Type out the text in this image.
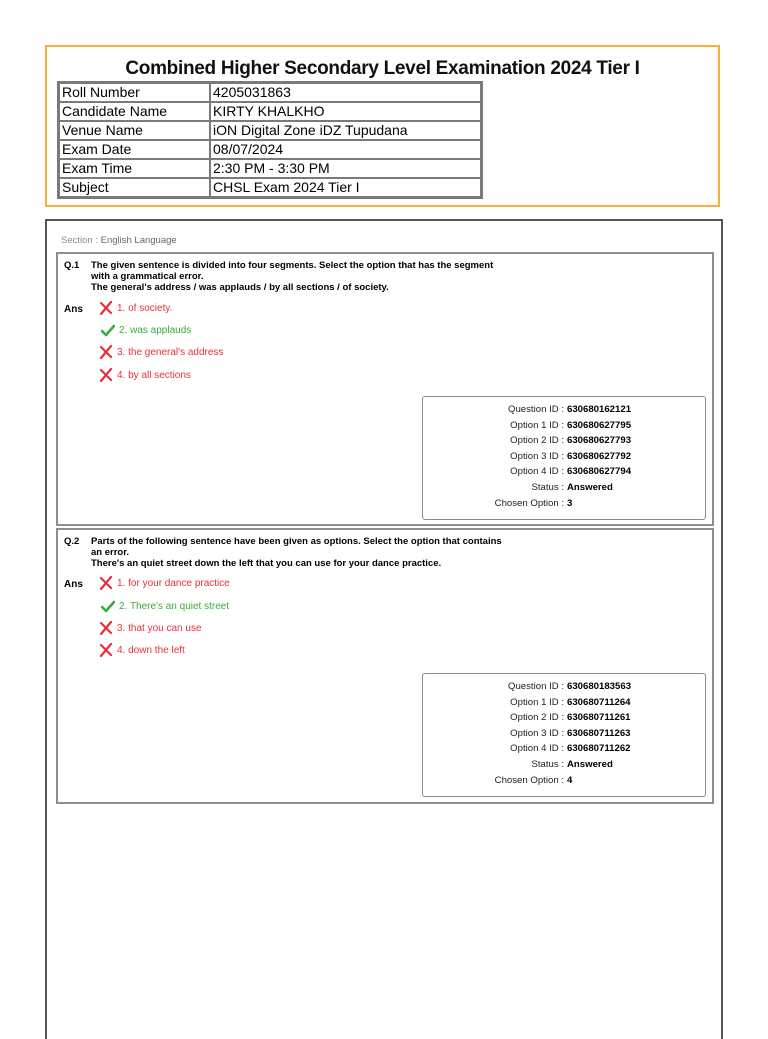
Combined Higher Secondary Level Examination 2024 Tier I
Roll Number	4205031863
Candidate Name	KIRTY KHALKHO
Venue Name	iON Digital Zone iDZ Tupudana
Exam Date	08/07/2024
Exam Time	2:30 PM - 3:30 PM
Subject	CHSL Exam 2024 Tier I
Section : English Language
Q.1 The given sentence is divided into four segments. Select the option that has the segment
with a grammatical error.
The general's address / was applauds / by all sections / of society.
Ans	1. of society.
2. was applauds
3. the general's address
4. by all sections
Question ID : 630680162121
Option 1 ID : 630680627795
Option 2 ID : 630680627793
Option 3 ID : 630680627792
Option 4 ID : 630680627794
Status : Answered
Chosen Option : 3
Q.2 Parts of the following sentence have been given as options. Select the option that contains
an error.
There's an quiet street down the left that you can use for your dance practice.
Ans	1. for your dance practice
2. There's an quiet street
3. that you can use
4. down the left
Question ID : 630680183563
Option 1 ID : 630680711264
Option 2 ID : 630680711261
Option 3 ID : 630680711263
Option 4 ID : 630680711262
Status : Answered
Chosen Option : 4
